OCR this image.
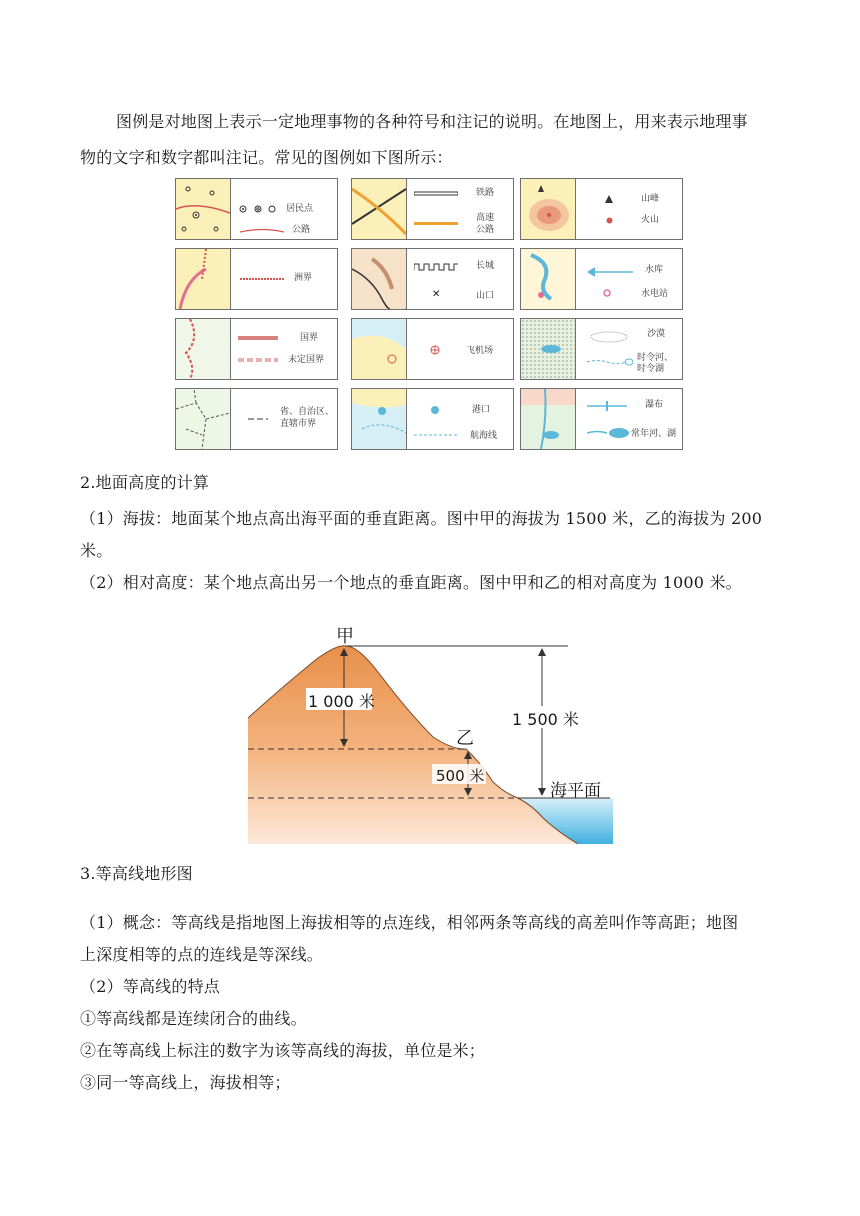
图例是对地图上表示一定地理事物的各种符号和注记的说明。在地图上，用来表示地理事
物的文字和数字都叫注记。常见的图例如下图所示：
居民点
公路
铁路
高速
公路
山峰
火山
洲界
长城
✕	山口
水库
水电站
国界
未定国界
飞机场
沙漠
时令河、
时令湖
省、自治区、
直辖市界
港口
航海线
瀑布
常年河、湖
2.地面高度的计算
（1）海拔：地面某个地点高出海平面的垂直距离。图中甲的海拔为 1500 米，乙的海拔为 200
米。
（2）相对高度：某个地点高出另一个地点的垂直距离。图中甲和乙的相对高度为 1000 米。
甲
乙
1 000 米
500 米
1 500 米
海平面
3.等高线地形图
（1）概念：等高线是指地图上海拔相等的点连线，相邻两条等高线的高差叫作等高距；地图
上深度相等的点的连线是等深线。
（2）等高线的特点
①等高线都是连续闭合的曲线。
②在等高线上标注的数字为该等高线的海拔，单位是米；
③同一等高线上，海拔相等；
